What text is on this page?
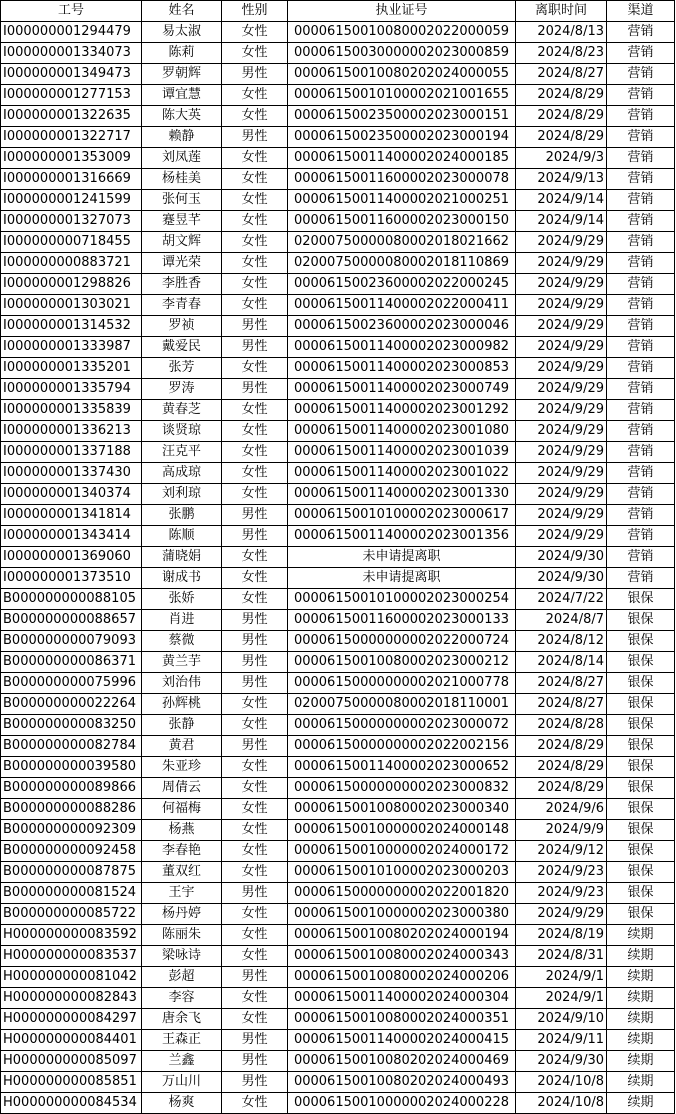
工号	姓名	性别	执业证号	离职时间	渠道
I000000001294479	易太淑	女性	00006150010080002022000059	2024/8/13	营销
I000000001334073	陈莉	女性	00006150030000002023000859	2024/8/23	营销
I000000001349473	罗朝辉	男性	00006150010080202024000055	2024/8/27	营销
I000000001277153	谭宜慧	女性	00006150010100002021001655	2024/8/29	营销
I000000001322635	陈大英	女性	00006150023500002023000151	2024/8/29	营销
I000000001322717	赖静	男性	00006150023500002023000194	2024/8/29	营销
I000000001353009	刘凤莲	女性	00006150011400002024000185	2024/9/3	营销
I000000001316669	杨桂美	女性	00006150011600002023000078	2024/9/13	营销
I000000001241599	张何玉	女性	00006150011400002021000251	2024/9/14	营销
I000000001327073	蹇昱芊	女性	00006150011600002023000150	2024/9/14	营销
I000000000718455	胡文辉	女性	02000750000080002018021662	2024/9/29	营销
I000000000883721	谭光荣	女性	02000750000080002018110869	2024/9/29	营销
I000000001298826	李胜香	女性	00006150023600002022000245	2024/9/29	营销
I000000001303021	李青春	女性	00006150011400002022000411	2024/9/29	营销
I000000001314532	罗祯	男性	00006150023600002023000046	2024/9/29	营销
I000000001333987	戴爱民	男性	00006150011400002023000982	2024/9/29	营销
I000000001335201	张芳	女性	00006150011400002023000853	2024/9/29	营销
I000000001335794	罗涛	男性	00006150011400002023000749	2024/9/29	营销
I000000001335839	黄春芝	女性	00006150011400002023001292	2024/9/29	营销
I000000001336213	谈贤琼	女性	00006150011400002023001080	2024/9/29	营销
I000000001337188	汪克平	女性	00006150011400002023001039	2024/9/29	营销
I000000001337430	高成琼	女性	00006150011400002023001022	2024/9/29	营销
I000000001340374	刘利琼	女性	00006150011400002023001330	2024/9/29	营销
I000000001341814	张鹏	男性	00006150010100002023000617	2024/9/29	营销
I000000001343414	陈顺	男性	00006150011400002023001356	2024/9/29	营销
I000000001369060	蒲晓娟	女性	未申请提离职	2024/9/30	营销
I000000001373510	谢成书	女性	未申请提离职	2024/9/30	营销
B000000000088105	张娇	女性	00006150010100002023000254	2024/7/22	银保
B000000000088657	肖进	男性	00006150011600002023000133	2024/8/7	银保
B000000000079093	蔡微	男性	00006150000000002022000724	2024/8/12	银保
B000000000086371	黄兰芋	男性	00006150010080002023000212	2024/8/14	银保
B000000000075996	刘治伟	男性	00006150000000002021000778	2024/8/27	银保
B000000000022264	孙辉桃	女性	02000750000080002018110001	2024/8/27	银保
B000000000083250	张静	女性	00006150000000002023000072	2024/8/28	银保
B000000000082784	黄君	男性	00006150000000002022002156	2024/8/29	银保
B000000000039580	朱亚珍	女性	00006150011400002023000652	2024/8/29	银保
B000000000089866	周倩云	女性	00006150000000002023000832	2024/8/29	银保
B000000000088286	何福梅	女性	00006150010080002023000340	2024/9/6	银保
B000000000092309	杨燕	女性	00006150010000002024000148	2024/9/9	银保
B000000000092458	李春艳	女性	00006150010000002024000172	2024/9/12	银保
B000000000087875	董双红	女性	00006150010100002023000203	2024/9/23	银保
B000000000081524	王宇	男性	00006150000000002022001820	2024/9/23	银保
B000000000085722	杨丹婷	女性	00006150010000002023000380	2024/9/29	银保
H000000000083592	陈丽朱	女性	00006150010080202024000194	2024/8/19	续期
H000000000083537	梁咏诗	女性	00006150010080002024000343	2024/8/31	续期
H000000000081042	彭超	男性	00006150010080002024000206	2024/9/1	续期
H000000000082843	李容	女性	00006150011400002024000304	2024/9/1	续期
H000000000084297	唐余飞	女性	00006150010080002024000351	2024/9/10	续期
H000000000084401	王森正	男性	00006150011400002024000415	2024/9/11	续期
H000000000085097	兰鑫	男性	00006150010080202024000469	2024/9/30	续期
H000000000085851	万山川	男性	00006150010080202024000493	2024/10/8	续期
H000000000084534	杨爽	女性	00006150010000002024000228	2024/10/8	续期
